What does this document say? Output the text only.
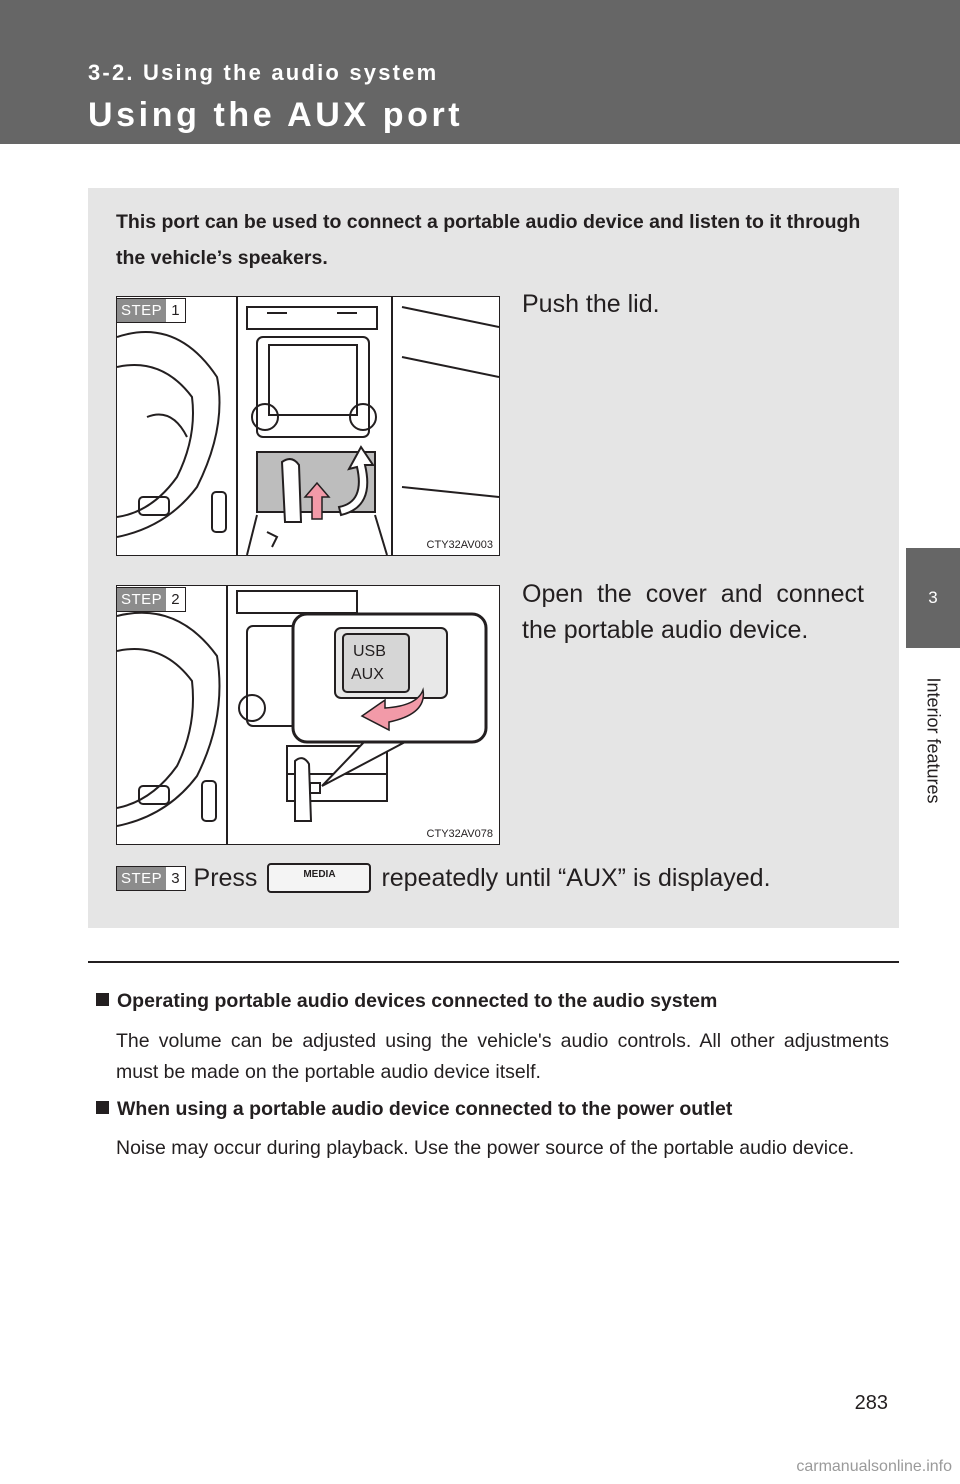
3-2. Using the audio system
Using the AUX port
3
Interior features
This port can be used to connect a portable audio device and listen to it through the vehicle’s speakers.
CTY32AV003
STEP 1	Push the lid.
USB
AUX
CTY32AV078
STEP 2	Open the cover and connect the portable audio device.
STEP 3 Press	MEDIA	repeatedly until “AUX” is displayed.
Operating portable audio devices connected to the audio system
The volume can be adjusted using the vehicle's audio controls. All other adjustments must be made on the portable audio device itself.
When using a portable audio device connected to the power outlet
Noise may occur during playback. Use the power source of the portable audio device.
283
carmanualsonline.info
